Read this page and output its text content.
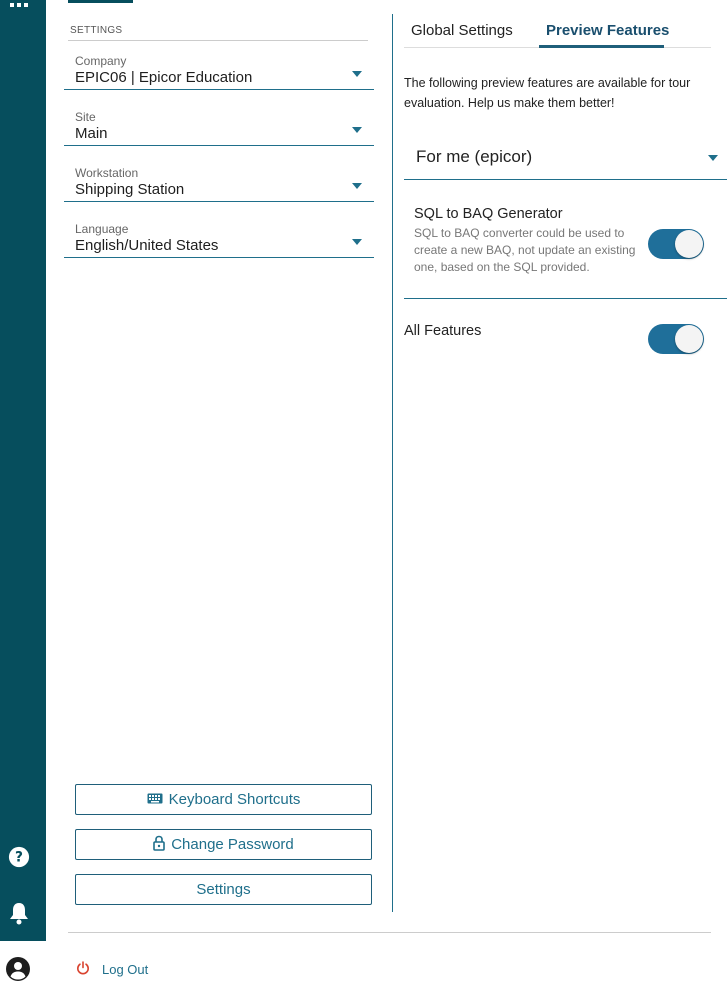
?
SETTINGS
Company
EPIC06 | Epicor Education
Site
Main
Workstation
Shipping Station
Language
English/United States
Keyboard Shortcuts
Change Password
Settings
Log Out
Global Settings Preview Features
The following preview features are available for tour evaluation. Help us make them better!
For me (epicor)
SQL to BAQ Generator
SQL to BAQ converter could be used to create a new BAQ, not update an existing one, based on the SQL provided.
All Features
